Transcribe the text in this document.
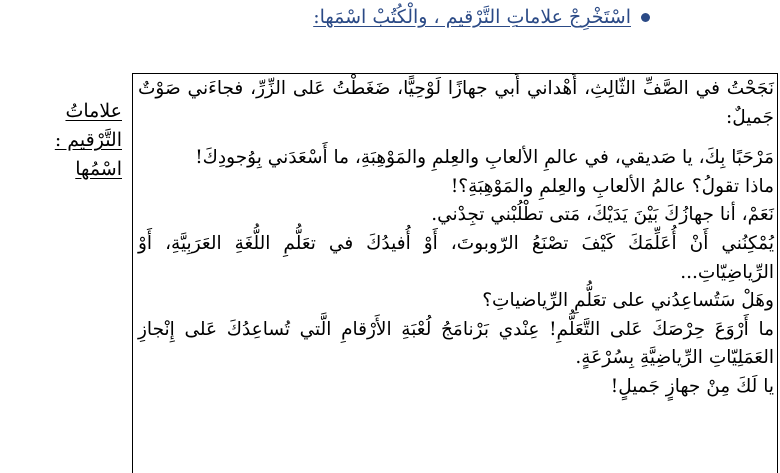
اسْتَخْرِجْ علاماتِ التَّرْقيم ، والْكُتُبْ اسْمَها:
علاماتُ
التَّرْقيم :
اسْمُها

نَجَحْتُ في الصَّفِّ الثّالِثِ، أَهْداني أَبي جهازًا لَوْحِيًّا، ضَغَطْتُ عَلى الزِّرِّ، فجاءَني صَوْتٌ جَميلٌ:

مَرْحَبًا بِكَ، يا صَديقي، في عالمِ الألعابِ والعِلمِ والمَوْهِبَةِ، ما أَسْعَدَني بِوُجودِكَ!

ماذا تقولُ؟ عالمُ الألعابِ والعِلمِ والمَوْهِبَةِ؟!

نَعَمْ، أنا جهازُكَ بَيْنَ يَدَيْكَ، مَتى تطْلُبْني تجِدْني.

يُمْكِنُني أَنْ أُعَلِّمَكَ كَيْفَ تصْنَعُ الرّوبوتَ، أَوْ أُفيدُكَ في تعَلُّمِ اللُّغَةِ العَرَبِيَّةِ، أَوْ الرِّياضِيّاتِ...

وهَلْ سَتُساعِدُني على تعَلُّمِ الرِّياضياتِ؟

ما أَرْوَعَ حِرْصَكَ عَلى التَّعَلُّمِ! عِنْدي بَرْنامَجُ لُعْبَةِ الأَرْقامِ الَّتي تُساعِدُكَ عَلى إِنْجازِ العَمَلِيّاتِ الرِّياضِيَّةِ بِسُرْعَةٍ.

يا لَكَ مِنْ جهازٍ جَميلٍ!
